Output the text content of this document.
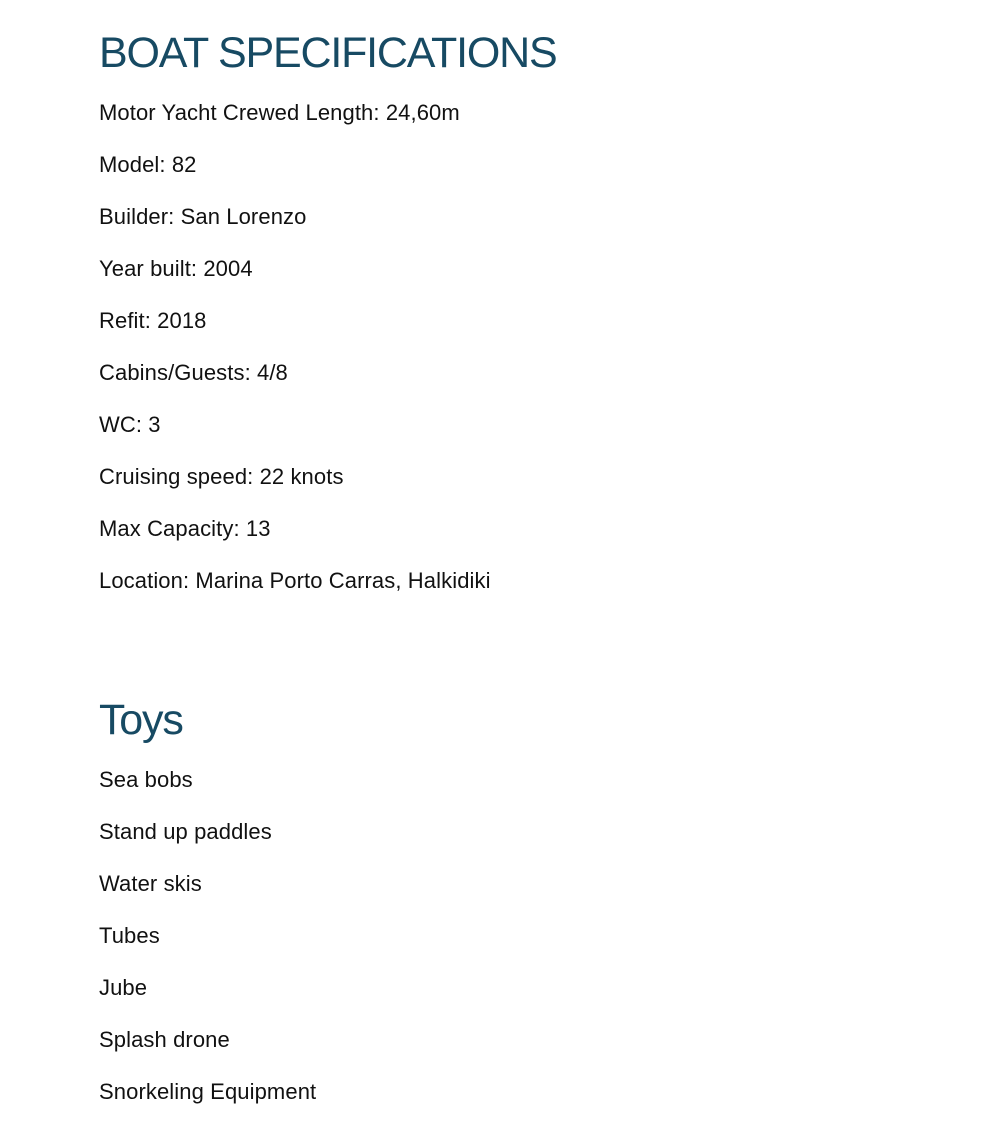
BOAT SPECIFICATIONS
Motor Yacht Crewed Length: 24,60m
Model: 82
Builder: San Lorenzo
Year built: 2004
Refit: 2018
Cabins/Guests: 4/8
WC: 3
Cruising speed: 22 knots
Max Capacity: 13
Location: Marina Porto Carras, Halkidiki
Toys
Sea bobs
Stand up paddles
Water skis
Tubes
Jube
Splash drone
Snorkeling Equipment
